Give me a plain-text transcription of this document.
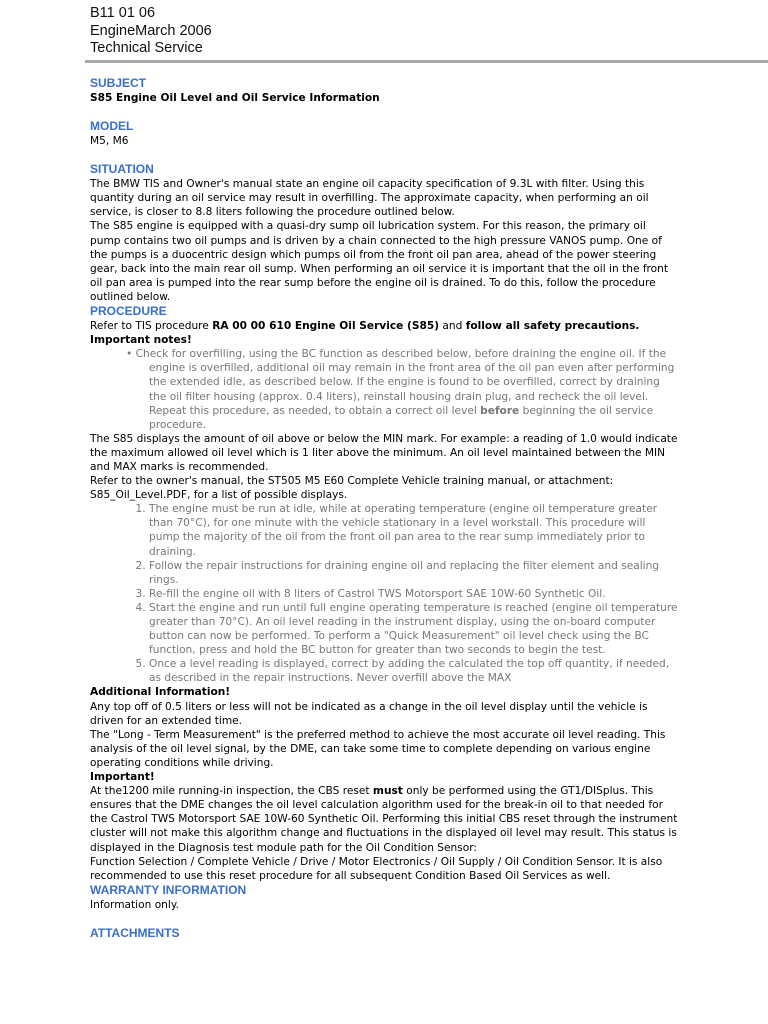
B11 01 06
EngineMarch 2006
Technical Service
SUBJECT
S85 Engine Oil Level and Oil Service Information
MODEL
M5, M6
SITUATION
The BMW TIS and Owner's manual state an engine oil capacity specification of 9.3L with filter. Using this quantity during an oil service may result in overfilling. The approximate capacity, when performing an oil service, is closer to 8.8 liters following the procedure outlined below.
The S85 engine is equipped with a quasi-dry sump oil lubrication system. For this reason, the primary oil pump contains two oil pumps and is driven by a chain connected to the high pressure VANOS pump. One of the pumps is a duocentric design which pumps oil from the front oil pan area, ahead of the power steering gear, back into the main rear oil sump. When performing an oil service it is important that the oil in the front oil pan area is pumped into the rear sump before the engine oil is drained. To do this, follow the procedure outlined below.
PROCEDURE
Refer to TIS procedure RA 00 00 610 Engine Oil Service (S85) and follow all safety precautions.
Important notes!
• Check for overfilling, using the BC function as described below, before draining the engine oil. If the engine is overfilled, additional oil may remain in the front area of the oil pan even after performing the extended idle, as described below. If the engine is found to be overfilled, correct by draining the oil filter housing (approx. 0.4 liters), reinstall housing drain plug, and recheck the oil level. Repeat this procedure, as needed, to obtain a correct oil level before beginning the oil service procedure.
The S85 displays the amount of oil above or below the MIN mark. For example: a reading of 1.0 would indicate the maximum allowed oil level which is 1 liter above the minimum. An oil level maintained between the MIN and MAX marks is recommended.
Refer to the owner's manual, the ST505 M5 E60 Complete Vehicle training manual, or attachment: S85_Oil_Level.PDF, for a list of possible displays.
1. The engine must be run at idle, while at operating temperature (engine oil temperature greater than 70°C), for one minute with the vehicle stationary in a level workstall. This procedure will pump the majority of the oil from the front oil pan area to the rear sump immediately prior to draining.
2. Follow the repair instructions for draining engine oil and replacing the filter element and sealing rings.
3. Re-fill the engine oil with 8 liters of Castrol TWS Motorsport SAE 10W-60 Synthetic Oil.
4. Start the engine and run until full engine operating temperature is reached (engine oil temperature greater than 70°C). An oil level reading in the instrument display, using the on-board computer button can now be performed. To perform a "Quick Measurement" oil level check using the BC function, press and hold the BC button for greater than two seconds to begin the test.
5. Once a level reading is displayed, correct by adding the calculated the top off quantity, if needed, as described in the repair instructions. Never overfill above the MAX
Additional Information!
Any top off of 0.5 liters or less will not be indicated as a change in the oil level display until the vehicle is driven for an extended time.
The "Long - Term Measurement" is the preferred method to achieve the most accurate oil level reading. This analysis of the oil level signal, by the DME, can take some time to complete depending on various engine operating conditions while driving.
Important!
At the1200 mile running-in inspection, the CBS reset must only be performed using the GT1/DISplus. This ensures that the DME changes the oil level calculation algorithm used for the break-in oil to that needed for the Castrol TWS Motorsport SAE 10W-60 Synthetic Oil. Performing this initial CBS reset through the instrument cluster will not make this algorithm change and fluctuations in the displayed oil level may result. This status is displayed in the Diagnosis test module path for the Oil Condition Sensor:
Function Selection / Complete Vehicle / Drive / Motor Electronics / Oil Supply / Oil Condition Sensor. It is also recommended to use this reset procedure for all subsequent Condition Based Oil Services as well.
WARRANTY INFORMATION
Information only.
ATTACHMENTS
